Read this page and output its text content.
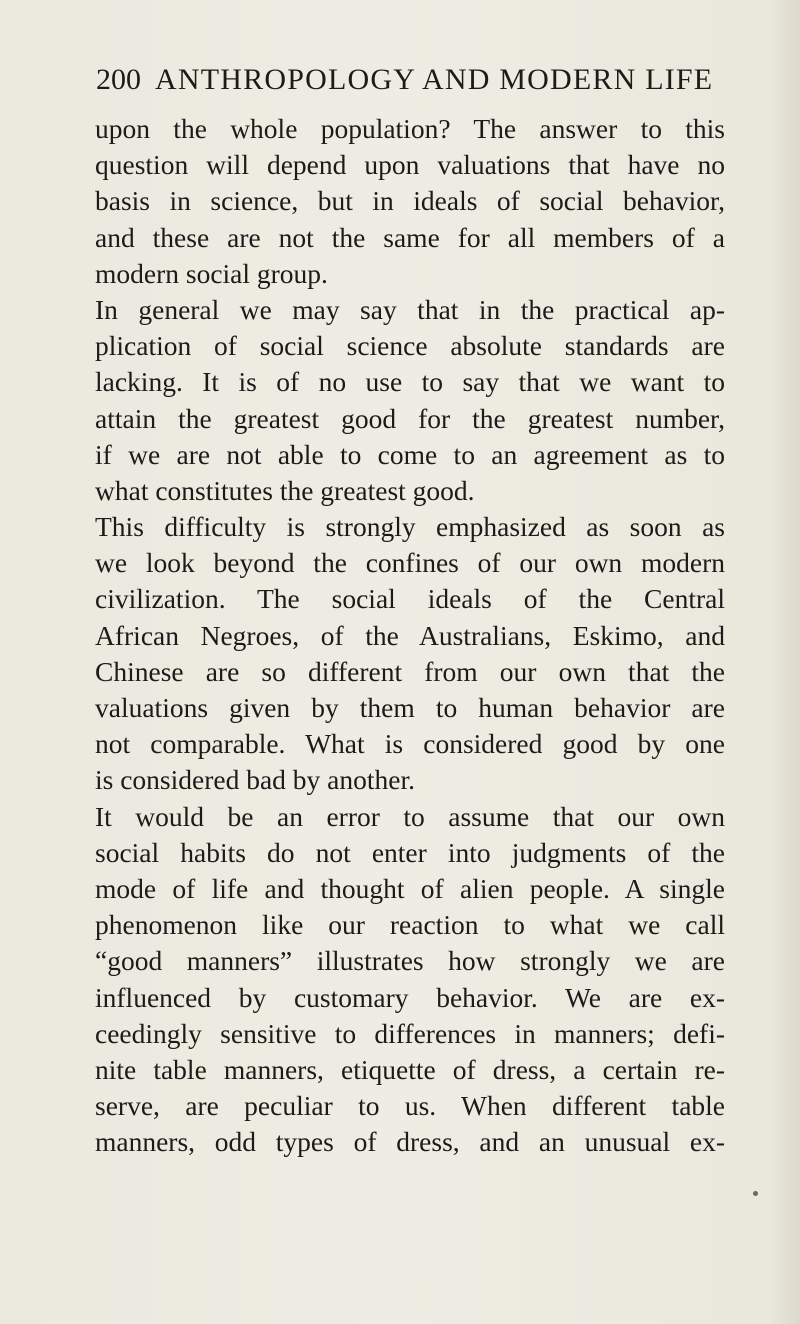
200 ANTHROPOLOGY AND MODERN LIFE
upon the whole population? The answer to this
question will depend upon valuations that have no
basis in science, but in ideals of social behavior,
and these are not the same for all members of a
modern social group.
In general we may say that in the practical ap-
plication of social science absolute standards are
lacking. It is of no use to say that we want to
attain the greatest good for the greatest number,
if we are not able to come to an agreement as to
what constitutes the greatest good.
This difficulty is strongly emphasized as soon as
we look beyond the confines of our own modern
civilization. The social ideals of the Central
African Negroes, of the Australians, Eskimo, and
Chinese are so different from our own that the
valuations given by them to human behavior are
not comparable. What is considered good by one
is considered bad by another.
It would be an error to assume that our own
social habits do not enter into judgments of the
mode of life and thought of alien people. A single
phenomenon like our reaction to what we call
“good manners” illustrates how strongly we are
influenced by customary behavior. We are ex-
ceedingly sensitive to differences in manners; defi-
nite table manners, etiquette of dress, a certain re-
serve, are peculiar to us. When different table
manners, odd types of dress, and an unusual ex-
